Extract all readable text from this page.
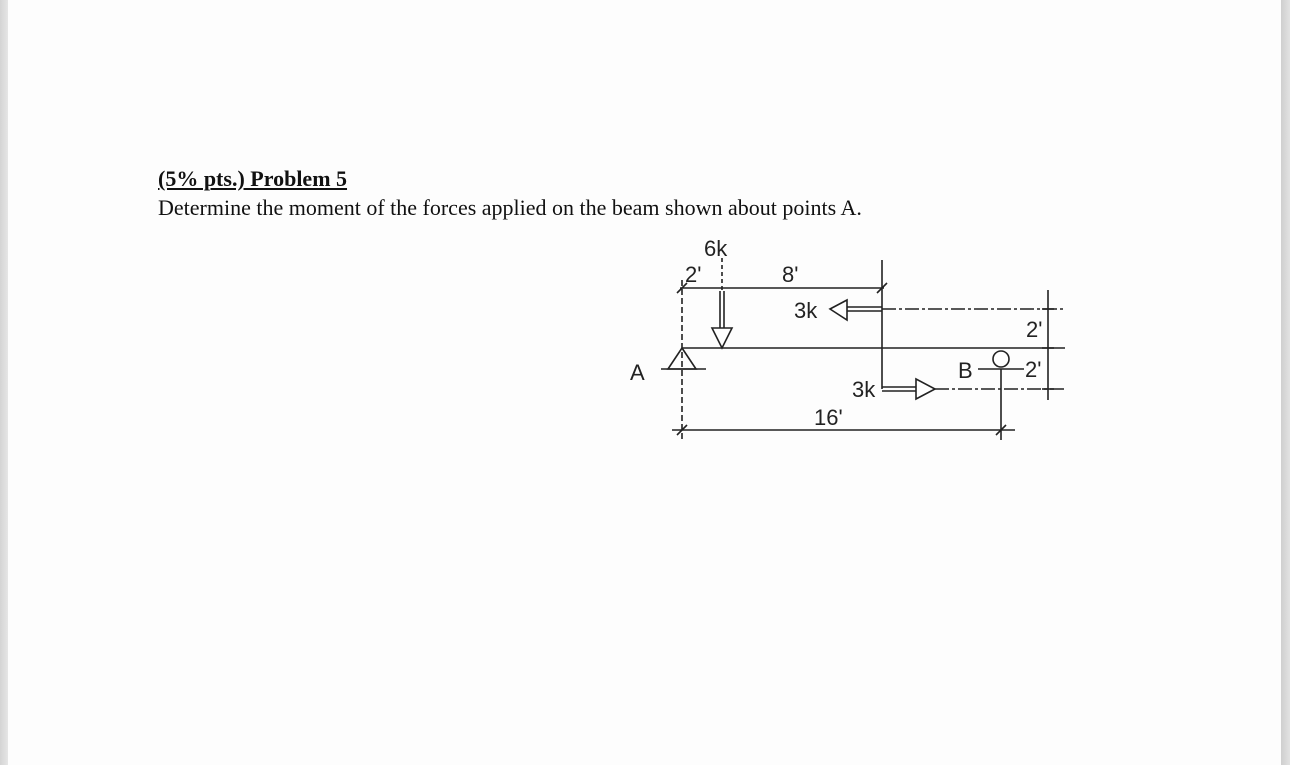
(5% pts.) Problem 5
Determine the moment of the forces applied on the beam shown about points A.
6k
2'	8'
3k
A	B
2'
2'
3k
16'
